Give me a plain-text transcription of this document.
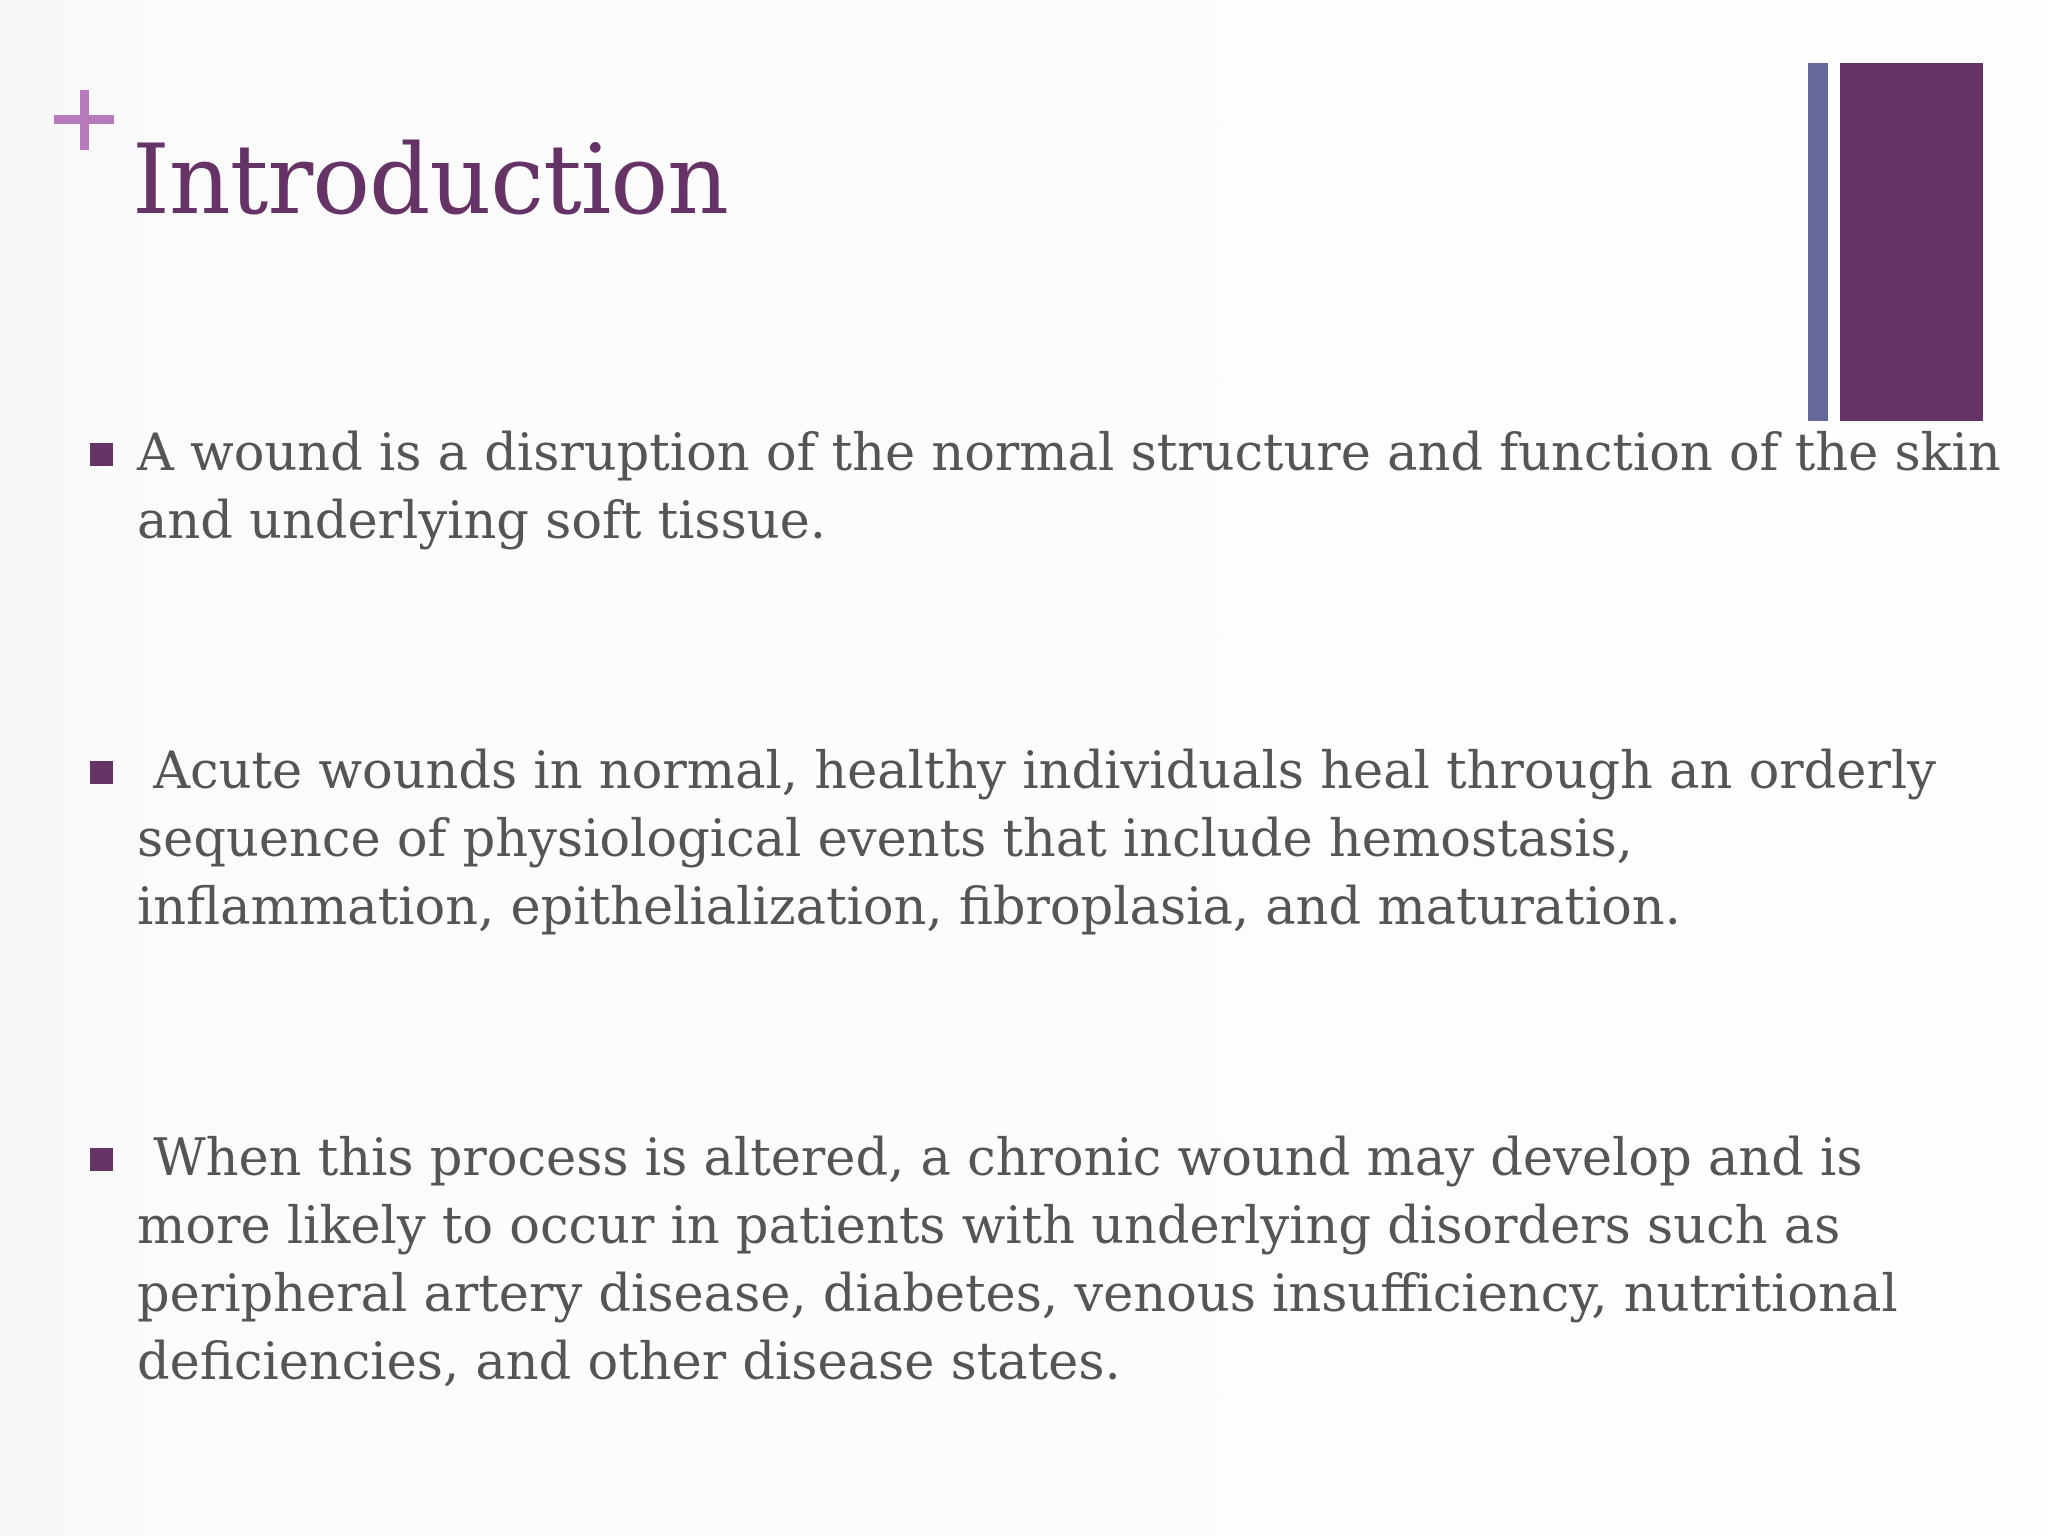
Introduction
A wound is a disruption of the normal structure and function of the skin
and underlying soft tissue.
Acute wounds in normal, healthy individuals heal through an orderly
sequence of physiological events that include hemostasis,
inflammation, epithelialization, fibroplasia, and maturation.
When this process is altered, a chronic wound may develop and is
more likely to occur in patients with underlying disorders such as
peripheral artery disease, diabetes, venous insufficiency, nutritional
deficiencies, and other disease states.
